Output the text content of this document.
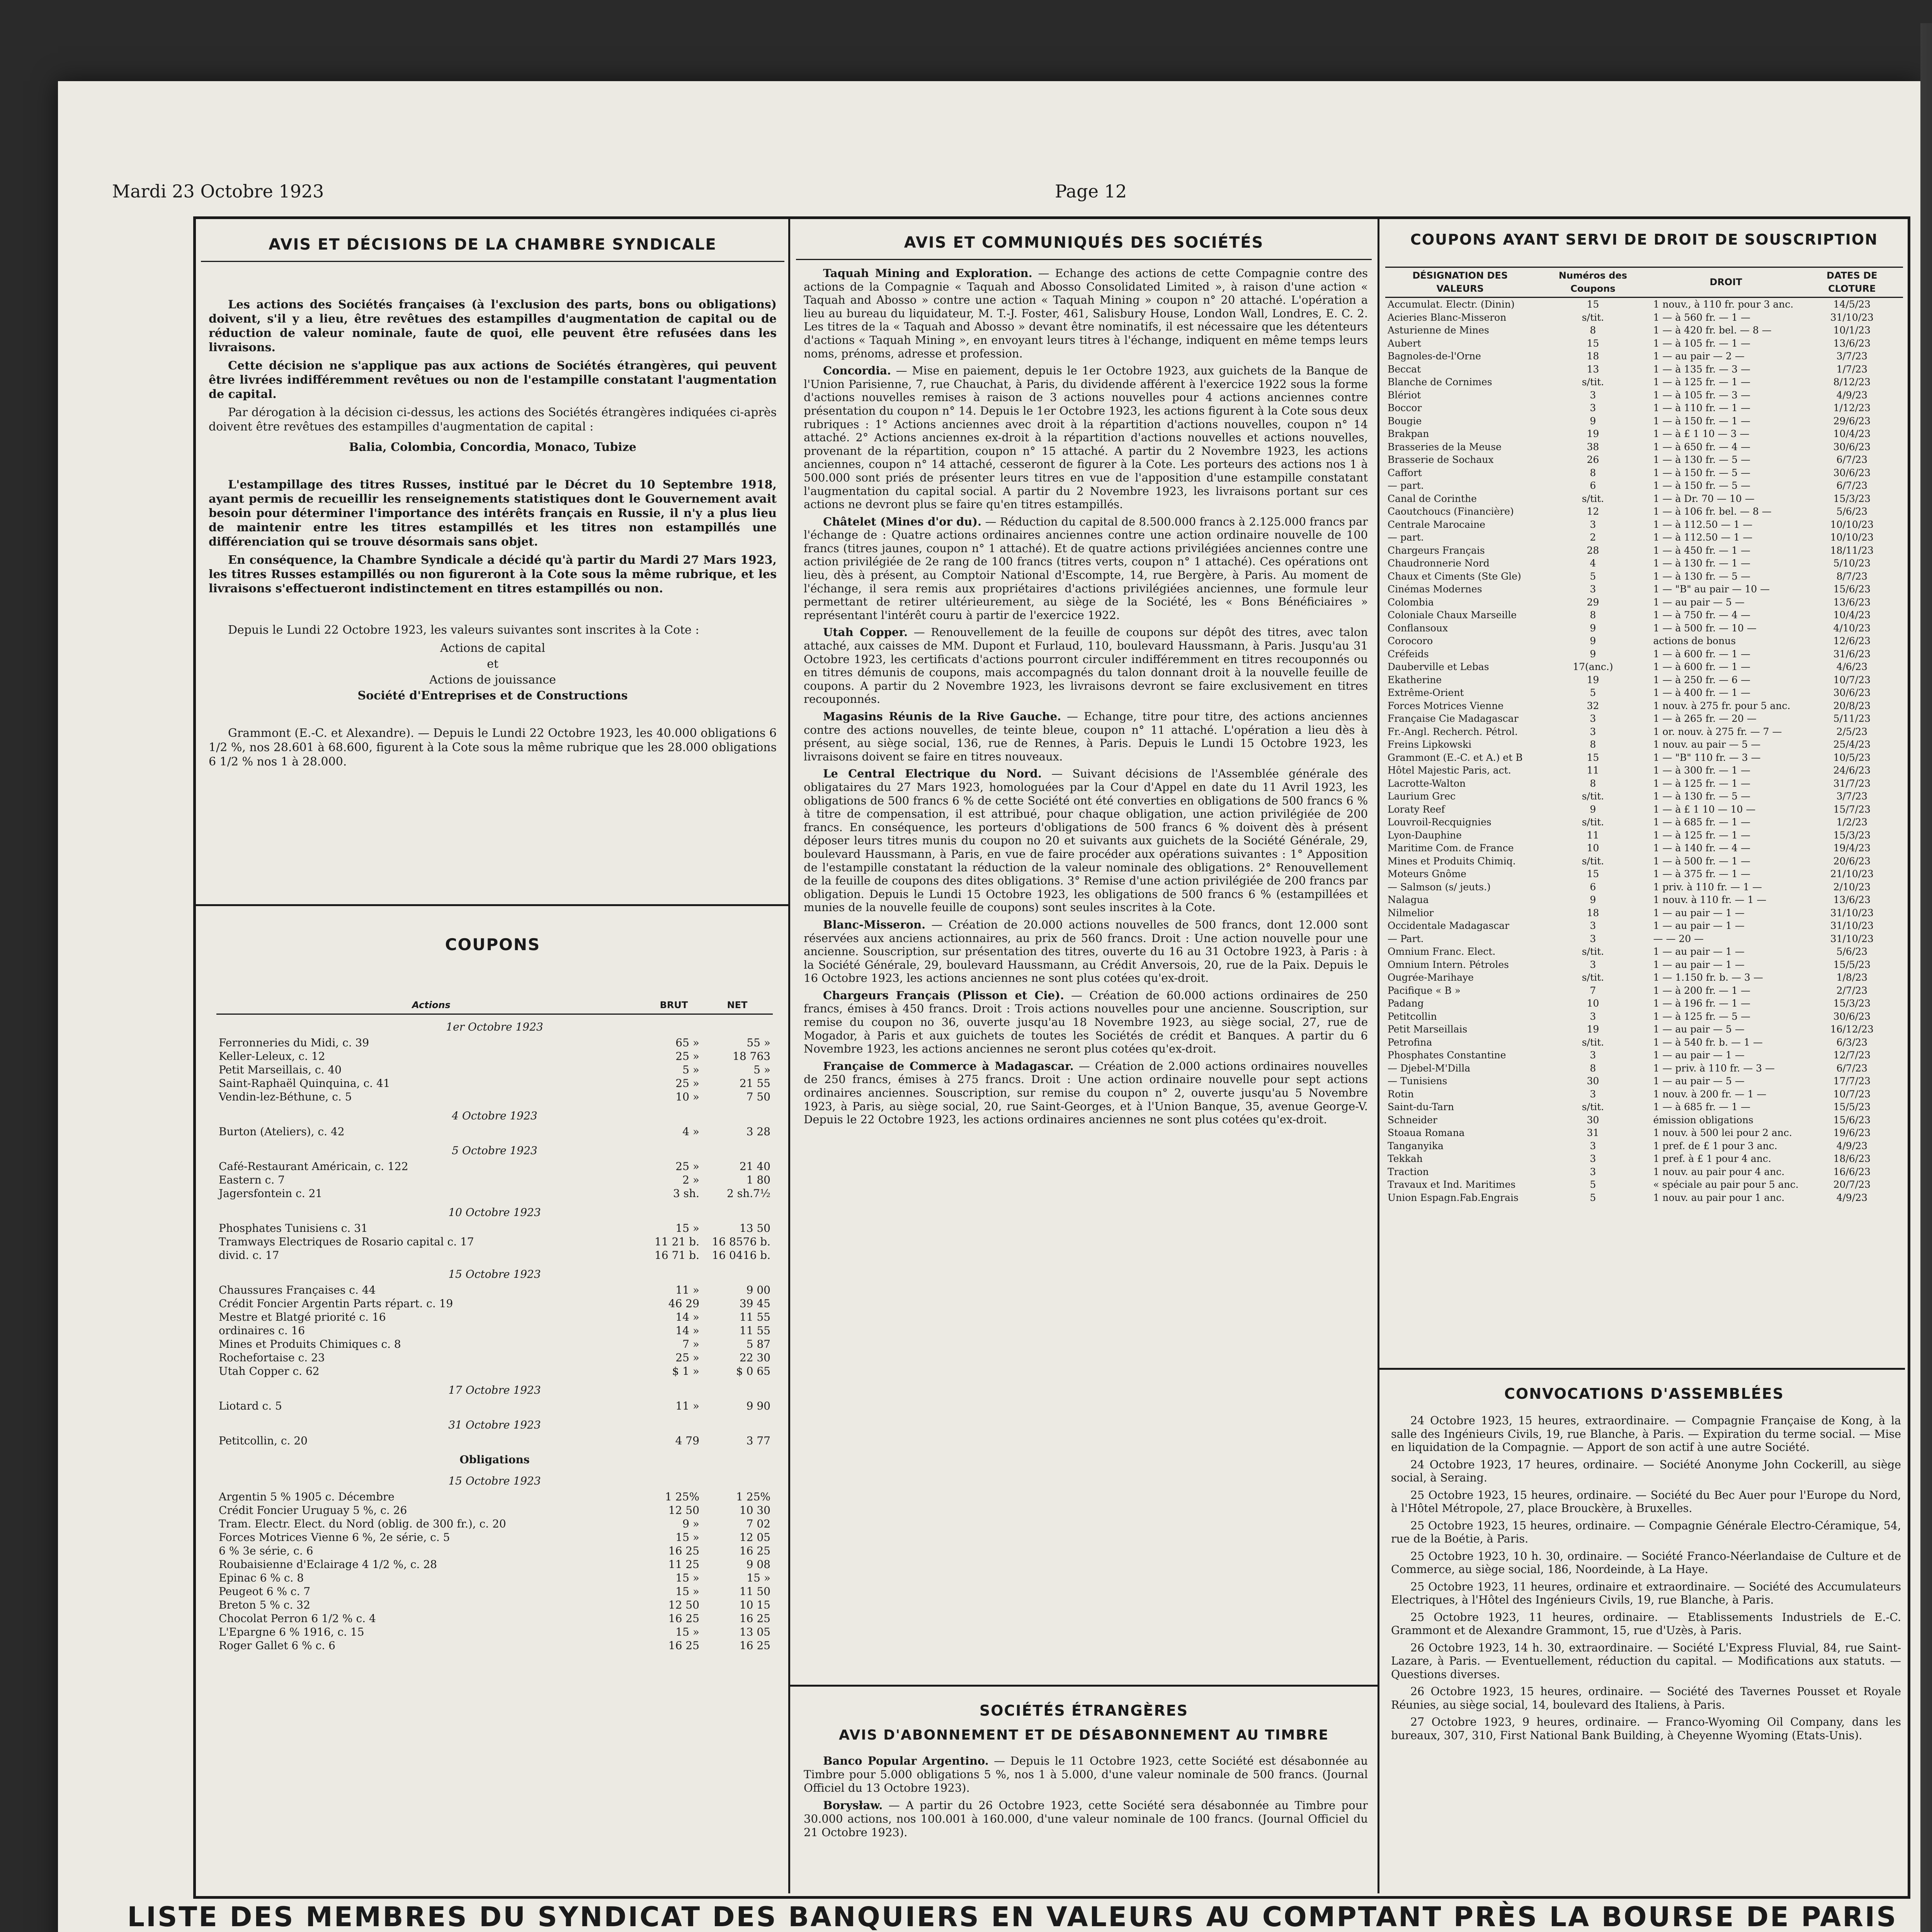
Mardi 23 Octobre 1923	Page 12
AVIS ET DÉCISIONS DE LA CHAMBRE SYNDICALE

Les actions des Sociétés françaises (à l'exclusion des parts, bons ou obligations) doivent, s'il y a lieu, être revêtues des estampilles d'augmentation de capital ou de réduction de valeur nominale, faute de quoi, elle peuvent être refusées dans les livraisons.

Cette décision ne s'applique pas aux actions de Sociétés étrangères, qui peuvent être livrées indifféremment revêtues ou non de l'estampille constatant l'augmentation de capital.

Par dérogation à la décision ci-dessus, les actions des Sociétés étrangères indiquées ci-après doivent être revêtues des estampilles d'augmentation de capital :

Balia, Colombia, Concordia, Monaco, Tubize

L'estampillage des titres Russes, institué par le Décret du 10 Septembre 1918, ayant permis de recueillir les renseignements statistiques dont le Gouvernement avait besoin pour déterminer l'importance des intérêts français en Russie, il n'y a plus lieu de maintenir entre les titres estampillés et les titres non estampillés une différenciation qui se trouve désormais sans objet.

En conséquence, la Chambre Syndicale a décidé qu'à partir du Mardi 27 Mars 1923, les titres Russes estampillés ou non figureront à la Cote sous la même rubrique, et les livraisons s'effectueront indistinctement en titres estampillés ou non.

Depuis le Lundi 22 Octobre 1923, les valeurs suivantes sont inscrites à la Cote :

Actions de capital

et

Actions de jouissance

Société d'Entreprises et de Constructions

Grammont (E.-C. et Alexandre). — Depuis le Lundi 22 Octobre 1923, les 40.000 obligations 6 1/2 %, nos 28.601 à 68.600, figurent à la Cote sous la même rubrique que les 28.000 obligations 6 1/2 % nos 1 à 28.000.

COUPONS
Actions	BRUT	NET
1er Octobre 1923		
Ferronneries du Midi, c. 39	65 »	55 »
Keller-Leleux, c. 12	25 »	18 763
Petit Marseillais, c. 40	5 »	5 »
Saint-Raphaël Quinquina, c. 41	25 »	21 55
Vendin-lez-Béthune, c. 5	10 »	7 50
4 Octobre 1923		
Burton (Ateliers), c. 42	4 »	3 28
5 Octobre 1923		
Café-Restaurant Américain, c. 122	25 »	21 40
Eastern c. 7	2 »	1 80
Jagersfontein c. 21	3 sh.	2 sh.7½
10 Octobre 1923		
Phosphates Tunisiens c. 31	15 »	13 50
Tramways Electriques de Rosario capital c. 17	11 21 b.	16 8576 b.
divid. c. 17	16 71 b.	16 0416 b.
15 Octobre 1923		
Chaussures Françaises c. 44	11 »	9 00
Crédit Foncier Argentin Parts répart. c. 19	46 29	39 45
Mestre et Blatgé priorité c. 16	14 »	11 55
ordinaires c. 16	14 »	11 55
Mines et Produits Chimiques c. 8	7 »	5 87
Rochefortaise c. 23	25 »	22 30
Utah Copper c. 62	$ 1 »	$ 0 65
17 Octobre 1923		
Liotard c. 5	11 »	9 90
31 Octobre 1923		
Petitcollin, c. 20	4 79	3 77
Obligations		
15 Octobre 1923		
Argentin 5 % 1905 c. Décembre	1 25%	1 25%
Crédit Foncier Uruguay 5 %, c. 26	12 50	10 30
Tram. Electr. Elect. du Nord (oblig. de 300 fr.), c. 20	9 »	7 02
Forces Motrices Vienne 6 %, 2e série, c. 5	15 »	12 05
6 % 3e série, c. 6	16 25	16 25
Roubaisienne d'Eclairage 4 1/2 %, c. 28	11 25	9 08
Epinac 6 % c. 8	15 »	15 »
Peugeot 6 % c. 7	15 »	11 50
Breton 5 % c. 32	12 50	10 15
Chocolat Perron 6 1/2 % c. 4	16 25	16 25
L'Epargne 6 % 1916, c. 15	15 »	13 05
Roger Gallet 6 % c. 6	16 25	16 25
AVIS ET COMMUNIQUÉS DES SOCIÉTÉS

Taquah Mining and Exploration. — Echange des actions de cette Compagnie contre des actions de la Compagnie « Taquah and Abosso Consolidated Limited », à raison d'une action « Taquah and Abosso » contre une action « Taquah Mining » coupon n° 20 attaché. L'opération a lieu au bureau du liquidateur, M. T.-J. Foster, 461, Salisbury House, London Wall, Londres, E. C. 2. Les titres de la « Taquah and Abosso » devant être nominatifs, il est nécessaire que les détenteurs d'actions « Taquah Mining », en envoyant leurs titres à l'échange, indiquent en même temps leurs noms, prénoms, adresse et profession.

Concordia. — Mise en paiement, depuis le 1er Octobre 1923, aux guichets de la Banque de l'Union Parisienne, 7, rue Chauchat, à Paris, du dividende afférent à l'exercice 1922 sous la forme d'actions nouvelles remises à raison de 3 actions nouvelles pour 4 actions anciennes contre présentation du coupon n° 14. Depuis le 1er Octobre 1923, les actions figurent à la Cote sous deux rubriques : 1° Actions anciennes avec droit à la répartition d'actions nouvelles, coupon n° 14 attaché. 2° Actions anciennes ex-droit à la répartition d'actions nouvelles et actions nouvelles, provenant de la répartition, coupon n° 15 attaché. A partir du 2 Novembre 1923, les actions anciennes, coupon n° 14 attaché, cesseront de figurer à la Cote. Les porteurs des actions nos 1 à 500.000 sont priés de présenter leurs titres en vue de l'apposition d'une estampille constatant l'augmentation du capital social. A partir du 2 Novembre 1923, les livraisons portant sur ces actions ne devront plus se faire qu'en titres estampillés.

Châtelet (Mines d'or du). — Réduction du capital de 8.500.000 francs à 2.125.000 francs par l'échange de : Quatre actions ordinaires anciennes contre une action ordinaire nouvelle de 100 francs (titres jaunes, coupon n° 1 attaché). Et de quatre actions privilégiées anciennes contre une action privilégiée de 2e rang de 100 francs (titres verts, coupon n° 1 attaché). Ces opérations ont lieu, dès à présent, au Comptoir National d'Escompte, 14, rue Bergère, à Paris. Au moment de l'échange, il sera remis aux propriétaires d'actions privilégiées anciennes, une formule leur permettant de retirer ultérieurement, au siège de la Société, les « Bons Bénéficiaires » représentant l'intérêt couru à partir de l'exercice 1922.

Utah Copper. — Renouvellement de la feuille de coupons sur dépôt des titres, avec talon attaché, aux caisses de MM. Dupont et Furlaud, 110, boulevard Haussmann, à Paris. Jusqu'au 31 Octobre 1923, les certificats d'actions pourront circuler indifféremment en titres recouponnés ou en titres démunis de coupons, mais accompagnés du talon donnant droit à la nouvelle feuille de coupons. A partir du 2 Novembre 1923, les livraisons devront se faire exclusivement en titres recouponnés.

Magasins Réunis de la Rive Gauche. — Echange, titre pour titre, des actions anciennes contre des actions nouvelles, de teinte bleue, coupon n° 11 attaché. L'opération a lieu dès à présent, au siège social, 136, rue de Rennes, à Paris. Depuis le Lundi 15 Octobre 1923, les livraisons doivent se faire en titres nouveaux.

Le Central Electrique du Nord. — Suivant décisions de l'Assemblée générale des obligataires du 27 Mars 1923, homologuées par la Cour d'Appel en date du 11 Avril 1923, les obligations de 500 francs 6 % de cette Société ont été converties en obligations de 500 francs 6 % à titre de compensation, il est attribué, pour chaque obligation, une action privilégiée de 200 francs. En conséquence, les porteurs d'obligations de 500 francs 6 % doivent dès à présent déposer leurs titres munis du coupon no 20 et suivants aux guichets de la Société Générale, 29, boulevard Haussmann, à Paris, en vue de faire procéder aux opérations suivantes : 1° Apposition de l'estampille constatant la réduction de la valeur nominale des obligations. 2° Renouvellement de la feuille de coupons des dites obligations. 3° Remise d'une action privilégiée de 200 francs par obligation. Depuis le Lundi 15 Octobre 1923, les obligations de 500 francs 6 % (estampillées et munies de la nouvelle feuille de coupons) sont seules inscrites à la Cote.

Blanc-Misseron. — Création de 20.000 actions nouvelles de 500 francs, dont 12.000 sont réservées aux anciens actionnaires, au prix de 560 francs. Droit : Une action nouvelle pour une ancienne. Souscription, sur présentation des titres, ouverte du 16 au 31 Octobre 1923, à Paris : à la Société Générale, 29, boulevard Haussmann, au Crédit Anversois, 20, rue de la Paix. Depuis le 16 Octobre 1923, les actions anciennes ne sont plus cotées qu'ex-droit.

Chargeurs Français (Plisson et Cie). — Création de 60.000 actions ordinaires de 250 francs, émises à 450 francs. Droit : Trois actions nouvelles pour une ancienne. Souscription, sur remise du coupon no 36, ouverte jusqu'au 18 Novembre 1923, au siège social, 27, rue de Mogador, à Paris et aux guichets de toutes les Sociétés de crédit et Banques. A partir du 6 Novembre 1923, les actions anciennes ne seront plus cotées qu'ex-droit.

Française de Commerce à Madagascar. — Création de 2.000 actions ordinaires nouvelles de 250 francs, émises à 275 francs. Droit : Une action ordinaire nouvelle pour sept actions ordinaires anciennes. Souscription, sur remise du coupon n° 2, ouverte jusqu'au 5 Novembre 1923, à Paris, au siège social, 20, rue Saint-Georges, et à l'Union Banque, 35, avenue George-V. Depuis le 22 Octobre 1923, les actions ordinaires anciennes ne sont plus cotées qu'ex-droit.

SOCIÉTÉS ÉTRANGÈRES
AVIS D'ABONNEMENT ET DE DÉSABONNEMENT AU TIMBRE

Banco Popular Argentino. — Depuis le 11 Octobre 1923, cette Société est désabonnée au Timbre pour 5.000 obligations 5 %, nos 1 à 5.000, d'une valeur nominale de 500 francs. (Journal Officiel du 13 Octobre 1923).

Borysław. — A partir du 26 Octobre 1923, cette Société sera désabonnée au Timbre pour 30.000 actions, nos 100.001 à 160.000, d'une valeur nominale de 100 francs. (Journal Officiel du 21 Octobre 1923).

COUPONS AYANT SERVI DE DROIT DE SOUSCRIPTION
DÉSIGNATION DES VALEURS	Numéros des Coupons	DROIT	DATES DE CLOTURE
Accumulat. Electr. (Dinin)	15	1 nouv., à 110 fr. pour 3 anc.	14/5/23
Acieries Blanc-Misseron	s/tit.	1 — à 560 fr. — 1 —	31/10/23
Asturienne de Mines	8	1 — à 420 fr. bel. — 8 —	10/1/23
Aubert	15	1 — à 105 fr. — 1 —	13/6/23
Bagnoles-de-l'Orne	18	1 — au pair — 2 —	3/7/23
Beccat	13	1 — à 135 fr. — 3 —	1/7/23
Blanche de Cornimes	s/tit.	1 — à 125 fr. — 1 —	8/12/23
Blériot	3	1 — à 105 fr. — 3 —	4/9/23
Boccor	3	1 — à 110 fr. — 1 —	1/12/23
Bougie	9	1 — à 150 fr. — 1 —	29/6/23
Brakpan	19	1 — à £ 1 10 — 3 —	10/4/23
Brasseries de la Meuse	38	1 — à 650 fr. — 4 —	30/6/23
Brasserie de Sochaux	26	1 — à 130 fr. — 5 —	6/7/23
Caffort	8	1 — à 150 fr. — 5 —	30/6/23
— part.	6	1 — à 150 fr. — 5 —	6/7/23
Canal de Corinthe	s/tit.	1 — à Dr. 70 — 10 —	15/3/23
Caoutchoucs (Financière)	12	1 — à 106 fr. bel. — 8 —	5/6/23
Centrale Marocaine	3	1 — à 112.50 — 1 —	10/10/23
— part.	2	1 — à 112.50 — 1 —	10/10/23
Chargeurs Français	28	1 — à 450 fr. — 1 —	18/11/23
Chaudronnerie Nord	4	1 — à 130 fr. — 1 —	5/10/23
Chaux et Ciments (Ste Gle)	5	1 — à 130 fr. — 5 —	8/7/23
Cinémas Modernes	3	1 — "B" au pair — 10 —	15/6/23
Colombia	29	1 — au pair — 5 —	13/6/23
Coloniale Chaux Marseille	8	1 — à 750 fr. — 4 —	10/4/23
Conflansoux	9	1 — à 500 fr. — 10 —	4/10/23
Corocoro	9	actions de bonus	12/6/23
Créfeids	9	1 — à 600 fr. — 1 —	31/6/23
Dauberville et Lebas	17(anc.)	1 — à 600 fr. — 1 —	4/6/23
Ekatherine	19	1 — à 250 fr. — 6 —	10/7/23
Extrême-Orient	5	1 — à 400 fr. — 1 —	30/6/23
Forces Motrices Vienne	32	1 nouv. à 275 fr. pour 5 anc.	20/8/23
Française Cie Madagascar	3	1 — à 265 fr. — 20 —	5/11/23
Fr.-Angl. Recherch. Pétrol.	3	1 or. nouv. à 275 fr. — 7 —	2/5/23
Freins Lipkowski	8	1 nouv. au pair — 5 —	25/4/23
Grammont (E.-C. et A.) et B	15	1 — "B" 110 fr. — 3 —	10/5/23
Hôtel Majestic Paris, act.	11	1 — à 300 fr. — 1 —	24/6/23
Lacrotte-Walton	8	1 — à 125 fr. — 1 —	31/7/23
Laurium Grec	s/tit.	1 — à 130 fr. — 5 —	3/7/23
Loraty Reef	9	1 — à £ 1 10 — 10 —	15/7/23
Louvroil-Recquignies	s/tit.	1 — à 685 fr. — 1 —	1/2/23
Lyon-Dauphine	11	1 — à 125 fr. — 1 —	15/3/23
Maritime Com. de France	10	1 — à 140 fr. — 4 —	19/4/23
Mines et Produits Chimiq.	s/tit.	1 — à 500 fr. — 1 —	20/6/23
Moteurs Gnôme	15	1 — à 375 fr. — 1 —	21/10/23
— Salmson (s/ jeuts.)	6	1 priv. à 110 fr. — 1 —	2/10/23
Nalagua	9	1 nouv. à 110 fr. — 1 —	13/6/23
Nilmelior	18	1 — au pair — 1 —	31/10/23
Occidentale Madagascar	3	1 — au pair — 1 —	31/10/23
— Part.	3	— — 20 —	31/10/23
Omnium Franc. Elect.	s/tit.	1 — au pair — 1 —	5/6/23
Omnium Intern. Pétroles	3	1 — au pair — 1 —	15/5/23
Ougrée-Marihaye	s/tit.	1 — 1.150 fr. b. — 3 —	1/8/23
Pacifique « B »	7	1 — à 200 fr. — 1 —	2/7/23
Padang	10	1 — à 196 fr. — 1 —	15/3/23
Petitcollin	3	1 — à 125 fr. — 5 —	30/6/23
Petit Marseillais	19	1 — au pair — 5 —	16/12/23
Petrofina	s/tit.	1 — à 540 fr. b. — 1 —	6/3/23
Phosphates Constantine	3	1 — au pair — 1 —	12/7/23
— Djebel-M'Dilla	8	1 — priv. à 110 fr. — 3 —	6/7/23
— Tunisiens	30	1 — au pair — 5 —	17/7/23
Rotin	3	1 nouv. à 200 fr. — 1 —	10/7/23
Saint-du-Tarn	s/tit.	1 — à 685 fr. — 1 —	15/5/23
Schneider	30	émission obligations	15/6/23
Stoaua Romana	31	1 nouv. à 500 lei pour 2 anc.	19/6/23
Tanganyika	3	1 pref. de £ 1 pour 3 anc.	4/9/23
Tekkah	3	1 pref. à £ 1 pour 4 anc.	18/6/23
Traction	3	1 nouv. au pair pour 4 anc.	16/6/23
Travaux et Ind. Maritimes	5	« spéciale au pair pour 5 anc.	20/7/23
Union Espagn.Fab.Engrais	5	1 nouv. au pair pour 1 anc.	4/9/23
CONVOCATIONS D'ASSEMBLÉES

24 Octobre 1923, 15 heures, extraordinaire. — Compagnie Française de Kong, à la salle des Ingénieurs Civils, 19, rue Blanche, à Paris. — Expiration du terme social. — Mise en liquidation de la Compagnie. — Apport de son actif à une autre Société.

24 Octobre 1923, 17 heures, ordinaire. — Société Anonyme John Cockerill, au siège social, à Seraing.

25 Octobre 1923, 15 heures, ordinaire. — Société du Bec Auer pour l'Europe du Nord, à l'Hôtel Métropole, 27, place Brouckère, à Bruxelles.

25 Octobre 1923, 15 heures, ordinaire. — Compagnie Générale Electro-Céramique, 54, rue de la Boétie, à Paris.

25 Octobre 1923, 10 h. 30, ordinaire. — Société Franco-Néerlandaise de Culture et de Commerce, au siège social, 186, Noordeinde, à La Haye.

25 Octobre 1923, 11 heures, ordinaire et extraordinaire. — Société des Accumulateurs Electriques, à l'Hôtel des Ingénieurs Civils, 19, rue Blanche, à Paris.

25 Octobre 1923, 11 heures, ordinaire. — Etablissements Industriels de E.-C. Grammont et de Alexandre Grammont, 15, rue d'Uzès, à Paris.

26 Octobre 1923, 14 h. 30, extraordinaire. — Société L'Express Fluvial, 84, rue Saint-Lazare, à Paris. — Eventuellement, réduction du capital. — Modifications aux statuts. — Questions diverses.

26 Octobre 1923, 15 heures, ordinaire. — Société des Tavernes Pousset et Royale Réunies, au siège social, 14, boulevard des Italiens, à Paris.

27 Octobre 1923, 9 heures, ordinaire. — Franco-Wyoming Oil Company, dans les bureaux, 307, 310, First National Bank Building, à Cheyenne Wyoming (Etats-Unis).

LISTE DES MEMBRES DU SYNDICAT DES BANQUIERS EN VALEURS AU COMPTANT PRÈS LA BOURSE DE PARIS
